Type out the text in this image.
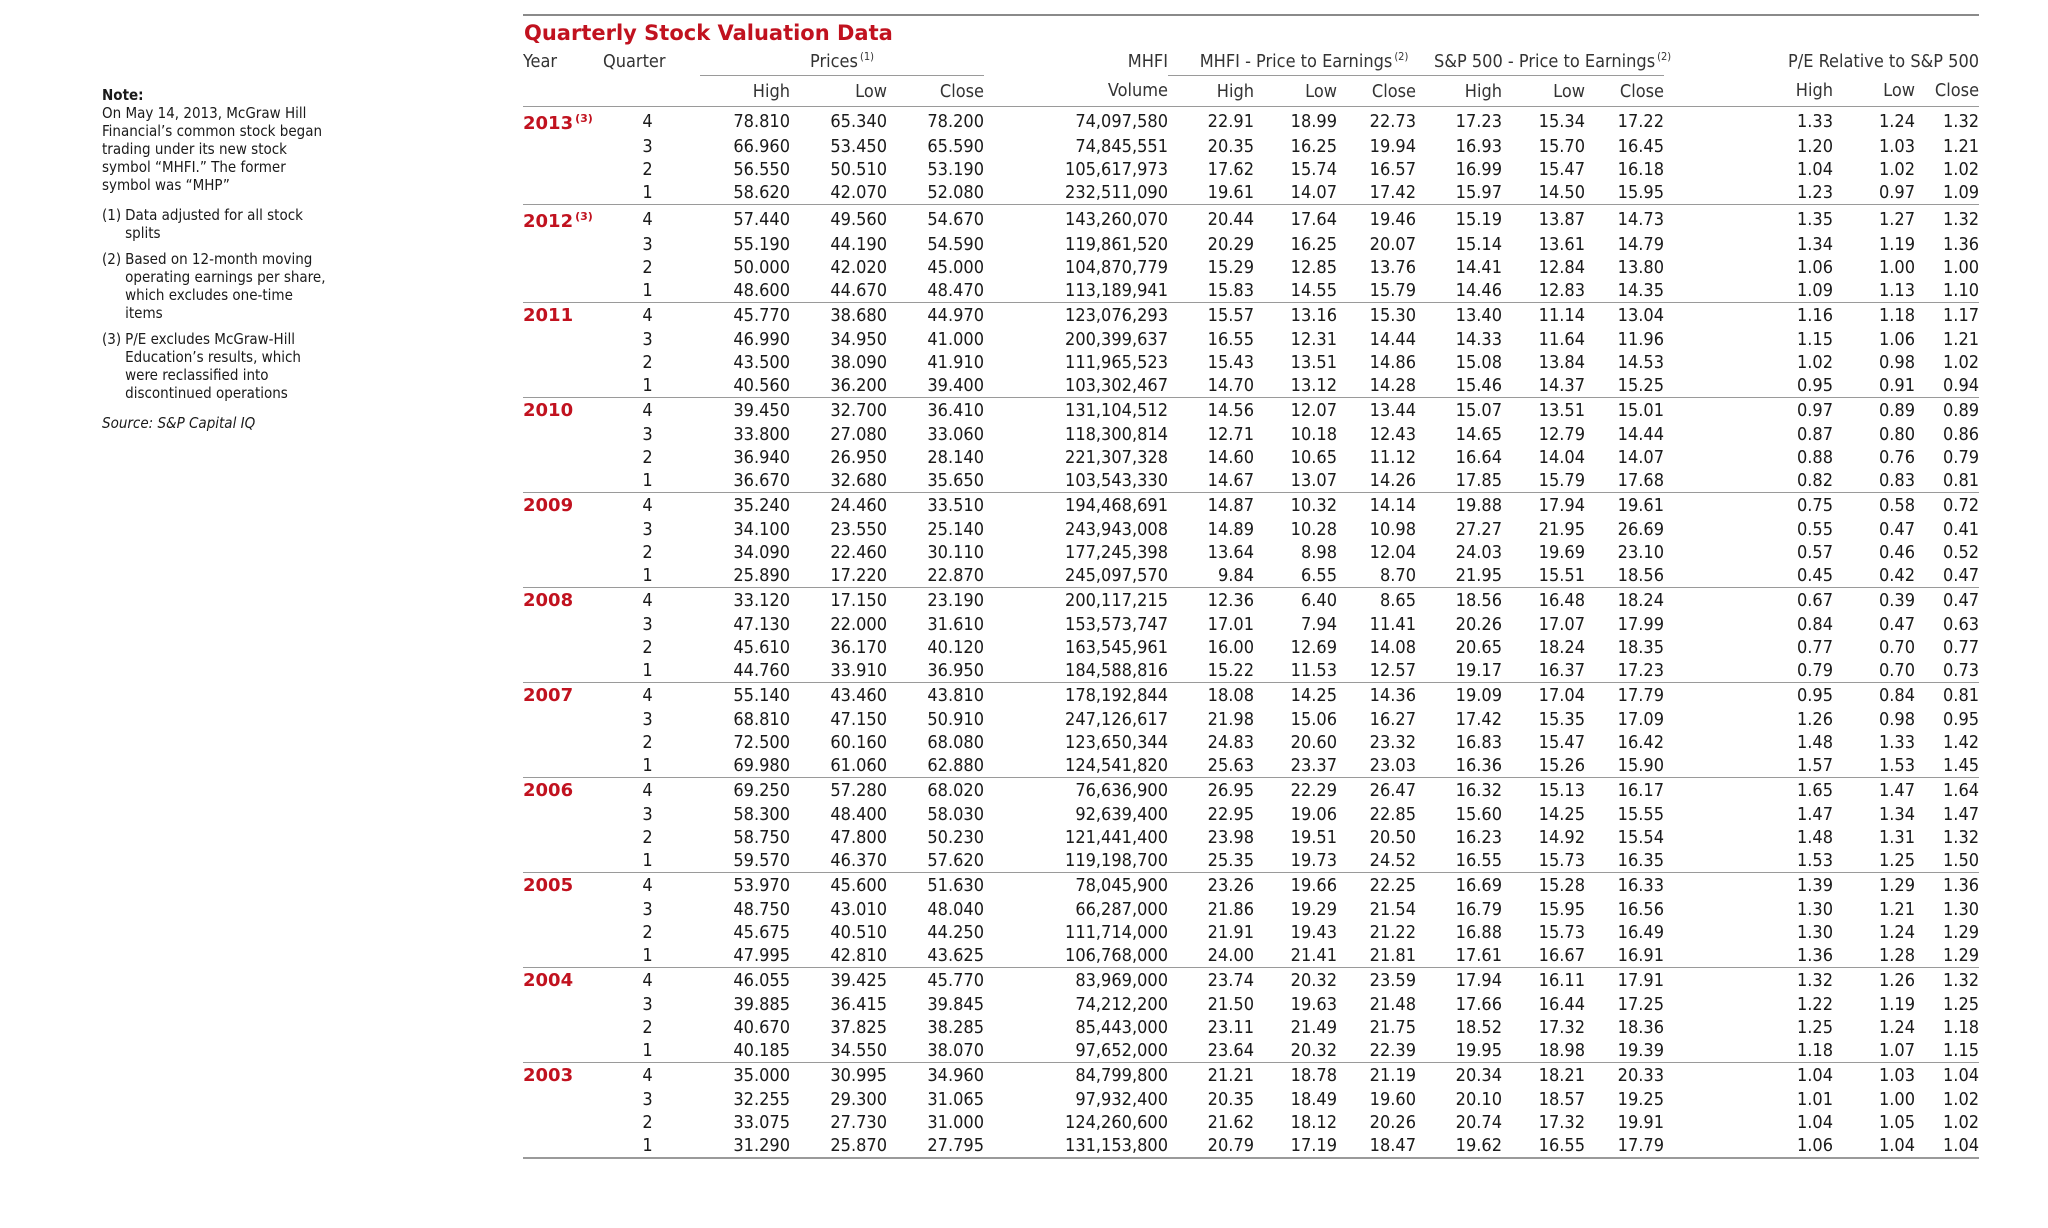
Note:

On May 14, 2013, McGraw Hill Financial’s common stock began trading under its new stock symbol “MHFI.” The former symbol was “MHP”

(1) Data adjusted for all stock splits
(2) Based on 12-month moving operating earnings per share, which excludes one-time items
(3) P/E excludes McGraw-Hill Education’s results, which were reclassified into discontinued operations

Source: S&P Capital IQ

Quarterly Stock Valuation Data
Year	Quarter	Prices $^{(1)}$			MHFI	MHFI - Price to Earnings $^{(2)}$			S&P 500 - Price to Earnings $^{(2)}$				P/E Relative to S&P 500		
		High	Low	Close	Volume	High	Low	Close	High	Low	Close		High	Low	Close
2013 $^{(3)}$	4	78.810	65.340	78.200	74,097,580	22.91	18.99	22.73	17.23	15.34	17.22		1.33	1.24	1.32
	3	66.960	53.450	65.590	74,845,551	20.35	16.25	19.94	16.93	15.70	16.45		1.20	1.03	1.21
	2	56.550	50.510	53.190	105,617,973	17.62	15.74	16.57	16.99	15.47	16.18		1.04	1.02	1.02
	1	58.620	42.070	52.080	232,511,090	19.61	14.07	17.42	15.97	14.50	15.95		1.23	0.97	1.09
2012 $^{(3)}$	4	57.440	49.560	54.670	143,260,070	20.44	17.64	19.46	15.19	13.87	14.73		1.35	1.27	1.32
	3	55.190	44.190	54.590	119,861,520	20.29	16.25	20.07	15.14	13.61	14.79		1.34	1.19	1.36
	2	50.000	42.020	45.000	104,870,779	15.29	12.85	13.76	14.41	12.84	13.80		1.06	1.00	1.00
	1	48.600	44.670	48.470	113,189,941	15.83	14.55	15.79	14.46	12.83	14.35		1.09	1.13	1.10
2011	4	45.770	38.680	44.970	123,076,293	15.57	13.16	15.30	13.40	11.14	13.04		1.16	1.18	1.17
	3	46.990	34.950	41.000	200,399,637	16.55	12.31	14.44	14.33	11.64	11.96		1.15	1.06	1.21
	2	43.500	38.090	41.910	111,965,523	15.43	13.51	14.86	15.08	13.84	14.53		1.02	0.98	1.02
	1	40.560	36.200	39.400	103,302,467	14.70	13.12	14.28	15.46	14.37	15.25		0.95	0.91	0.94
2010	4	39.450	32.700	36.410	131,104,512	14.56	12.07	13.44	15.07	13.51	15.01		0.97	0.89	0.89
	3	33.800	27.080	33.060	118,300,814	12.71	10.18	12.43	14.65	12.79	14.44		0.87	0.80	0.86
	2	36.940	26.950	28.140	221,307,328	14.60	10.65	11.12	16.64	14.04	14.07		0.88	0.76	0.79
	1	36.670	32.680	35.650	103,543,330	14.67	13.07	14.26	17.85	15.79	17.68		0.82	0.83	0.81
2009	4	35.240	24.460	33.510	194,468,691	14.87	10.32	14.14	19.88	17.94	19.61		0.75	0.58	0.72
	3	34.100	23.550	25.140	243,943,008	14.89	10.28	10.98	27.27	21.95	26.69		0.55	0.47	0.41
	2	34.090	22.460	30.110	177,245,398	13.64	8.98	12.04	24.03	19.69	23.10		0.57	0.46	0.52
	1	25.890	17.220	22.870	245,097,570	9.84	6.55	8.70	21.95	15.51	18.56		0.45	0.42	0.47
2008	4	33.120	17.150	23.190	200,117,215	12.36	6.40	8.65	18.56	16.48	18.24		0.67	0.39	0.47
	3	47.130	22.000	31.610	153,573,747	17.01	7.94	11.41	20.26	17.07	17.99		0.84	0.47	0.63
	2	45.610	36.170	40.120	163,545,961	16.00	12.69	14.08	20.65	18.24	18.35		0.77	0.70	0.77
	1	44.760	33.910	36.950	184,588,816	15.22	11.53	12.57	19.17	16.37	17.23		0.79	0.70	0.73
2007	4	55.140	43.460	43.810	178,192,844	18.08	14.25	14.36	19.09	17.04	17.79		0.95	0.84	0.81
	3	68.810	47.150	50.910	247,126,617	21.98	15.06	16.27	17.42	15.35	17.09		1.26	0.98	0.95
	2	72.500	60.160	68.080	123,650,344	24.83	20.60	23.32	16.83	15.47	16.42		1.48	1.33	1.42
	1	69.980	61.060	62.880	124,541,820	25.63	23.37	23.03	16.36	15.26	15.90		1.57	1.53	1.45
2006	4	69.250	57.280	68.020	76,636,900	26.95	22.29	26.47	16.32	15.13	16.17		1.65	1.47	1.64
	3	58.300	48.400	58.030	92,639,400	22.95	19.06	22.85	15.60	14.25	15.55		1.47	1.34	1.47
	2	58.750	47.800	50.230	121,441,400	23.98	19.51	20.50	16.23	14.92	15.54		1.48	1.31	1.32
	1	59.570	46.370	57.620	119,198,700	25.35	19.73	24.52	16.55	15.73	16.35		1.53	1.25	1.50
2005	4	53.970	45.600	51.630	78,045,900	23.26	19.66	22.25	16.69	15.28	16.33		1.39	1.29	1.36
	3	48.750	43.010	48.040	66,287,000	21.86	19.29	21.54	16.79	15.95	16.56		1.30	1.21	1.30
	2	45.675	40.510	44.250	111,714,000	21.91	19.43	21.22	16.88	15.73	16.49		1.30	1.24	1.29
	1	47.995	42.810	43.625	106,768,000	24.00	21.41	21.81	17.61	16.67	16.91		1.36	1.28	1.29
2004	4	46.055	39.425	45.770	83,969,000	23.74	20.32	23.59	17.94	16.11	17.91		1.32	1.26	1.32
	3	39.885	36.415	39.845	74,212,200	21.50	19.63	21.48	17.66	16.44	17.25		1.22	1.19	1.25
	2	40.670	37.825	38.285	85,443,000	23.11	21.49	21.75	18.52	17.32	18.36		1.25	1.24	1.18
	1	40.185	34.550	38.070	97,652,000	23.64	20.32	22.39	19.95	18.98	19.39		1.18	1.07	1.15
2003	4	35.000	30.995	34.960	84,799,800	21.21	18.78	21.19	20.34	18.21	20.33		1.04	1.03	1.04
	3	32.255	29.300	31.065	97,932,400	20.35	18.49	19.60	20.10	18.57	19.25		1.01	1.00	1.02
	2	33.075	27.730	31.000	124,260,600	21.62	18.12	20.26	20.74	17.32	19.91		1.04	1.05	1.02
	1	31.290	25.870	27.795	131,153,800	20.79	17.19	18.47	19.62	16.55	17.79		1.06	1.04	1.04
